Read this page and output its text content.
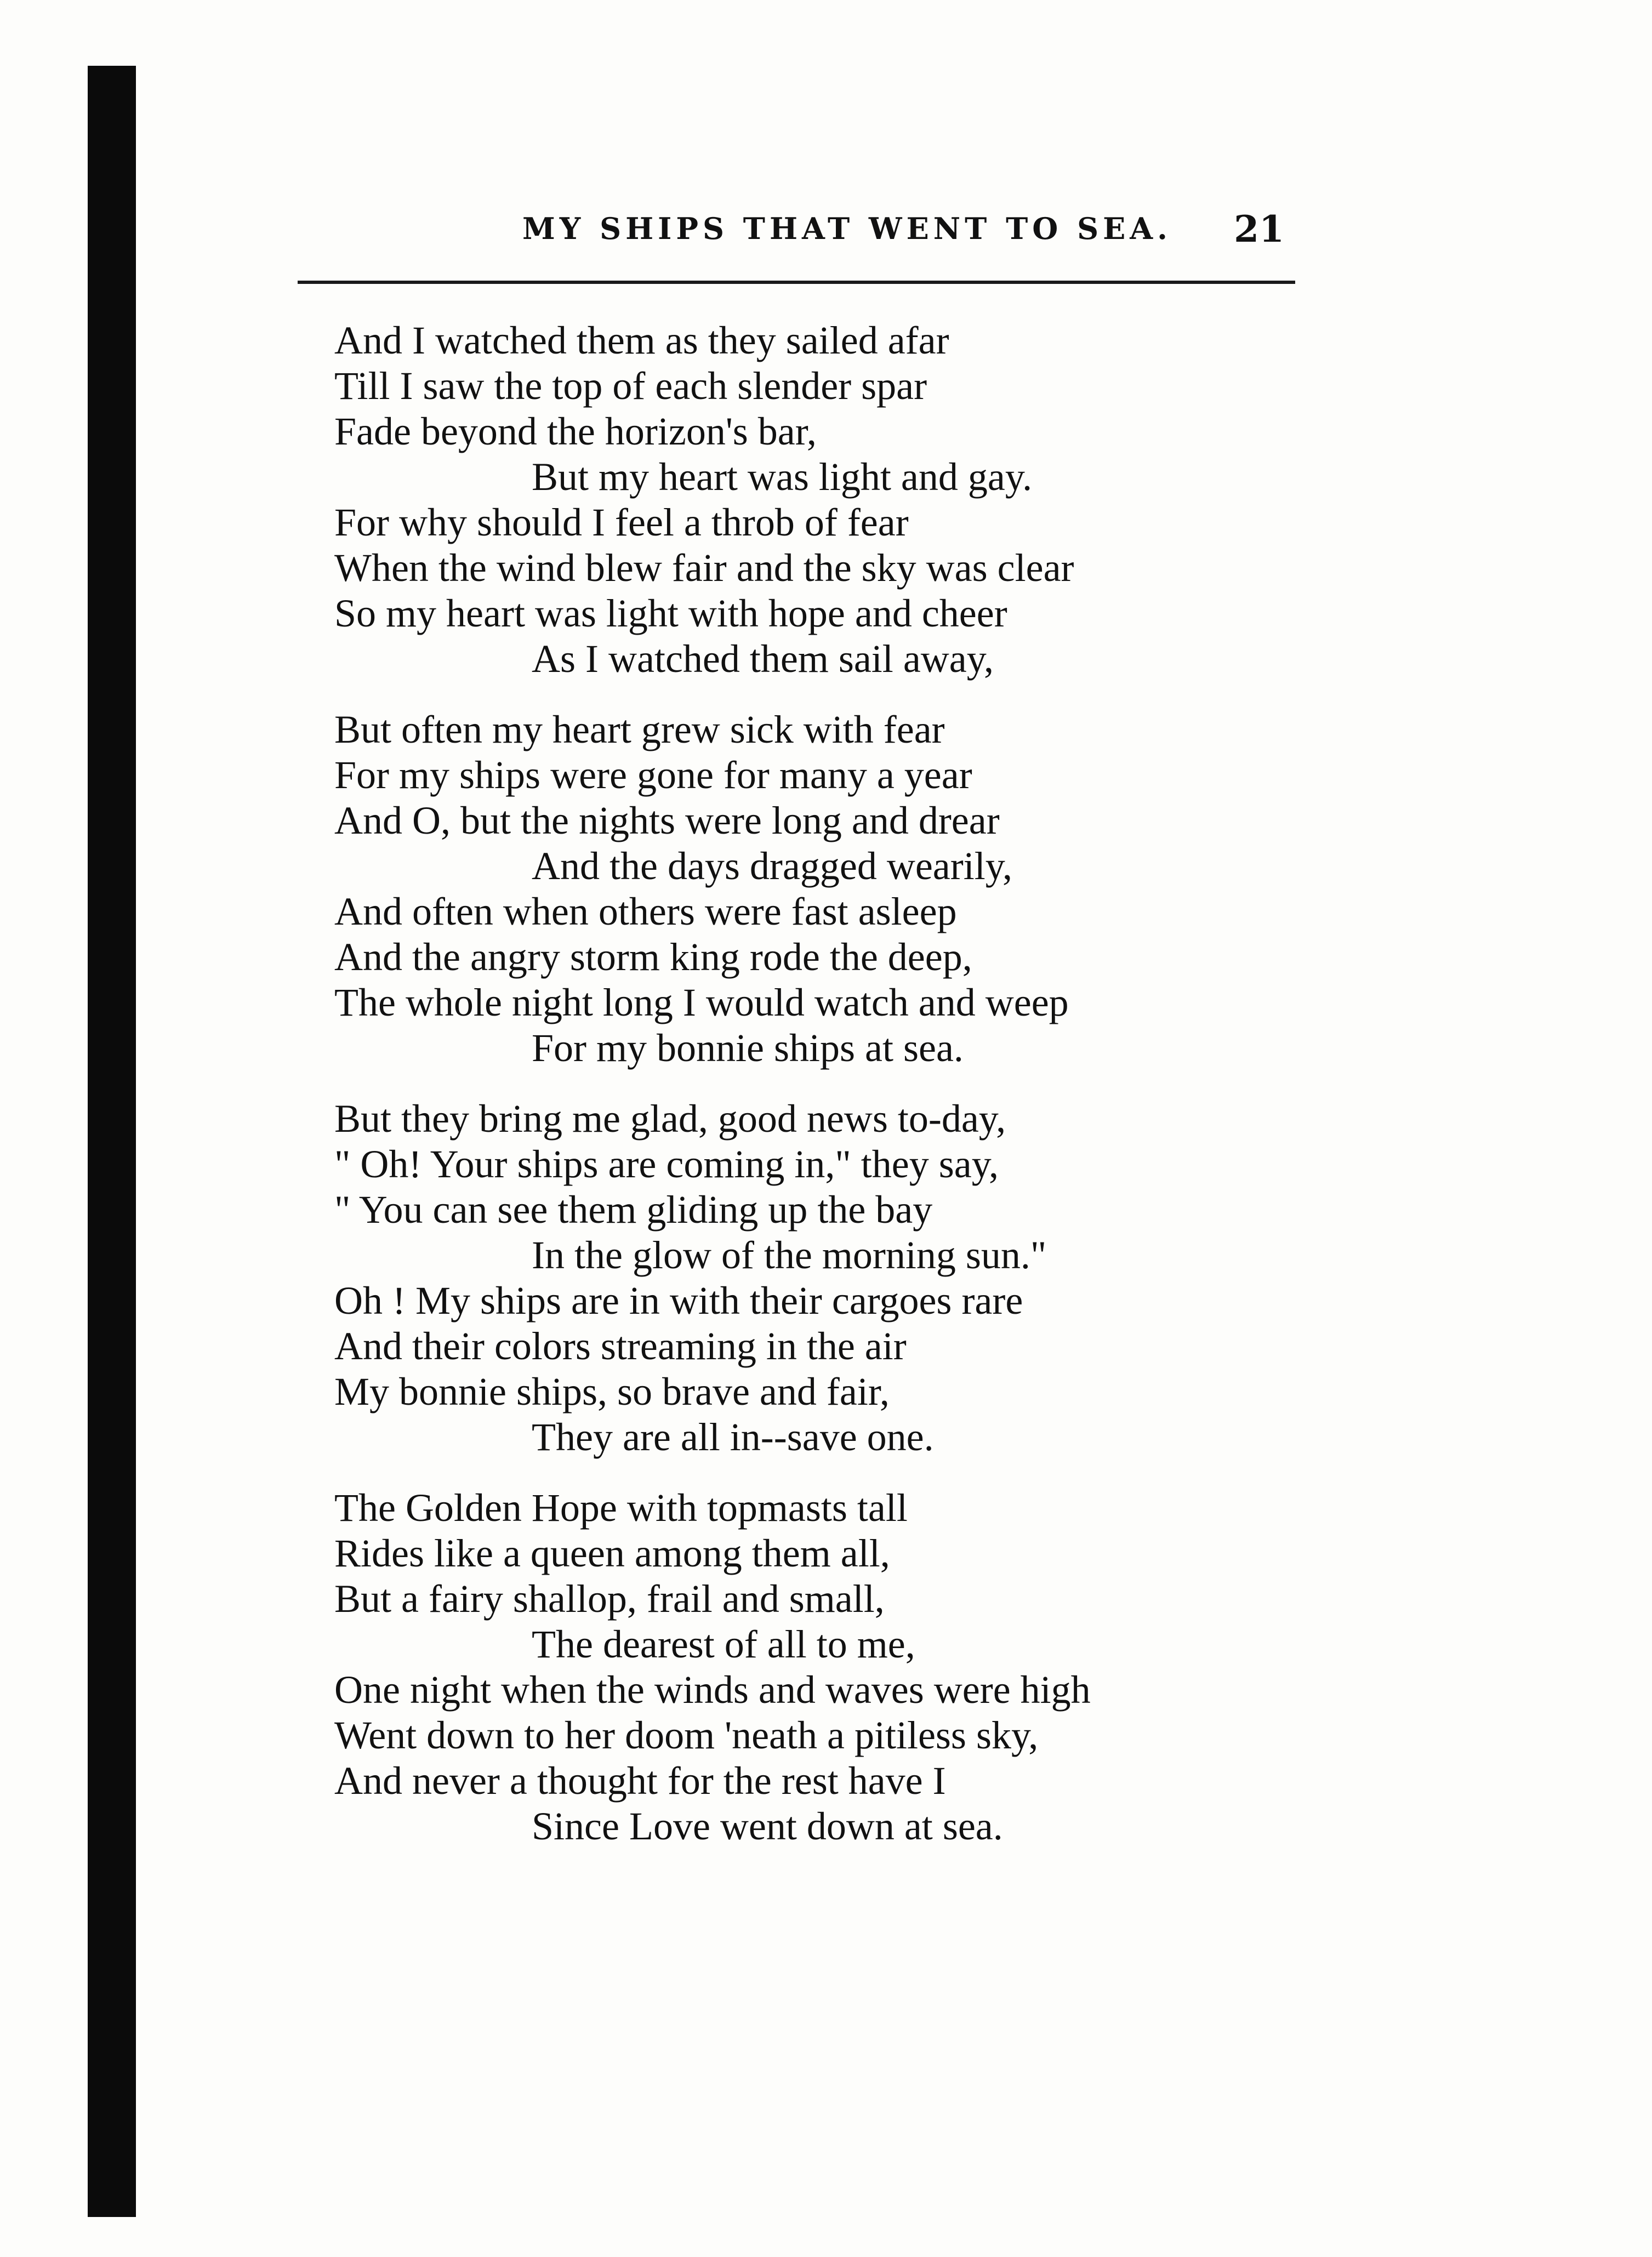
MY SHIPS THAT WENT TO SEA. 21
And I watched them as they sailed afar
Till I saw the top of each slender spar
Fade beyond the horizon's bar,
But my heart was light and gay.
For why should I feel a throb of fear
When the wind blew fair and the sky was clear
So my heart was light with hope and cheer
As I watched them sail away,
But often my heart grew sick with fear
For my ships were gone for many a year
And O, but the nights were long and drear
And the days dragged wearily,
And often when others were fast asleep
And the angry storm king rode the deep,
The whole night long I would watch and weep
For my bonnie ships at sea.
But they bring me glad, good news to-day,
" Oh! Your ships are coming in," they say,
" You can see them gliding up the bay
In the glow of the morning sun."
Oh ! My ships are in with their cargoes rare
And their colors streaming in the air
My bonnie ships, so brave and fair,
They are all in--save one.
The Golden Hope with topmasts tall
Rides like a queen among them all,
But a fairy shallop, frail and small,
The dearest of all to me,
One night when the winds and waves were high
Went down to her doom 'neath a pitiless sky,
And never a thought for the rest have I
Since Love went down at sea.
